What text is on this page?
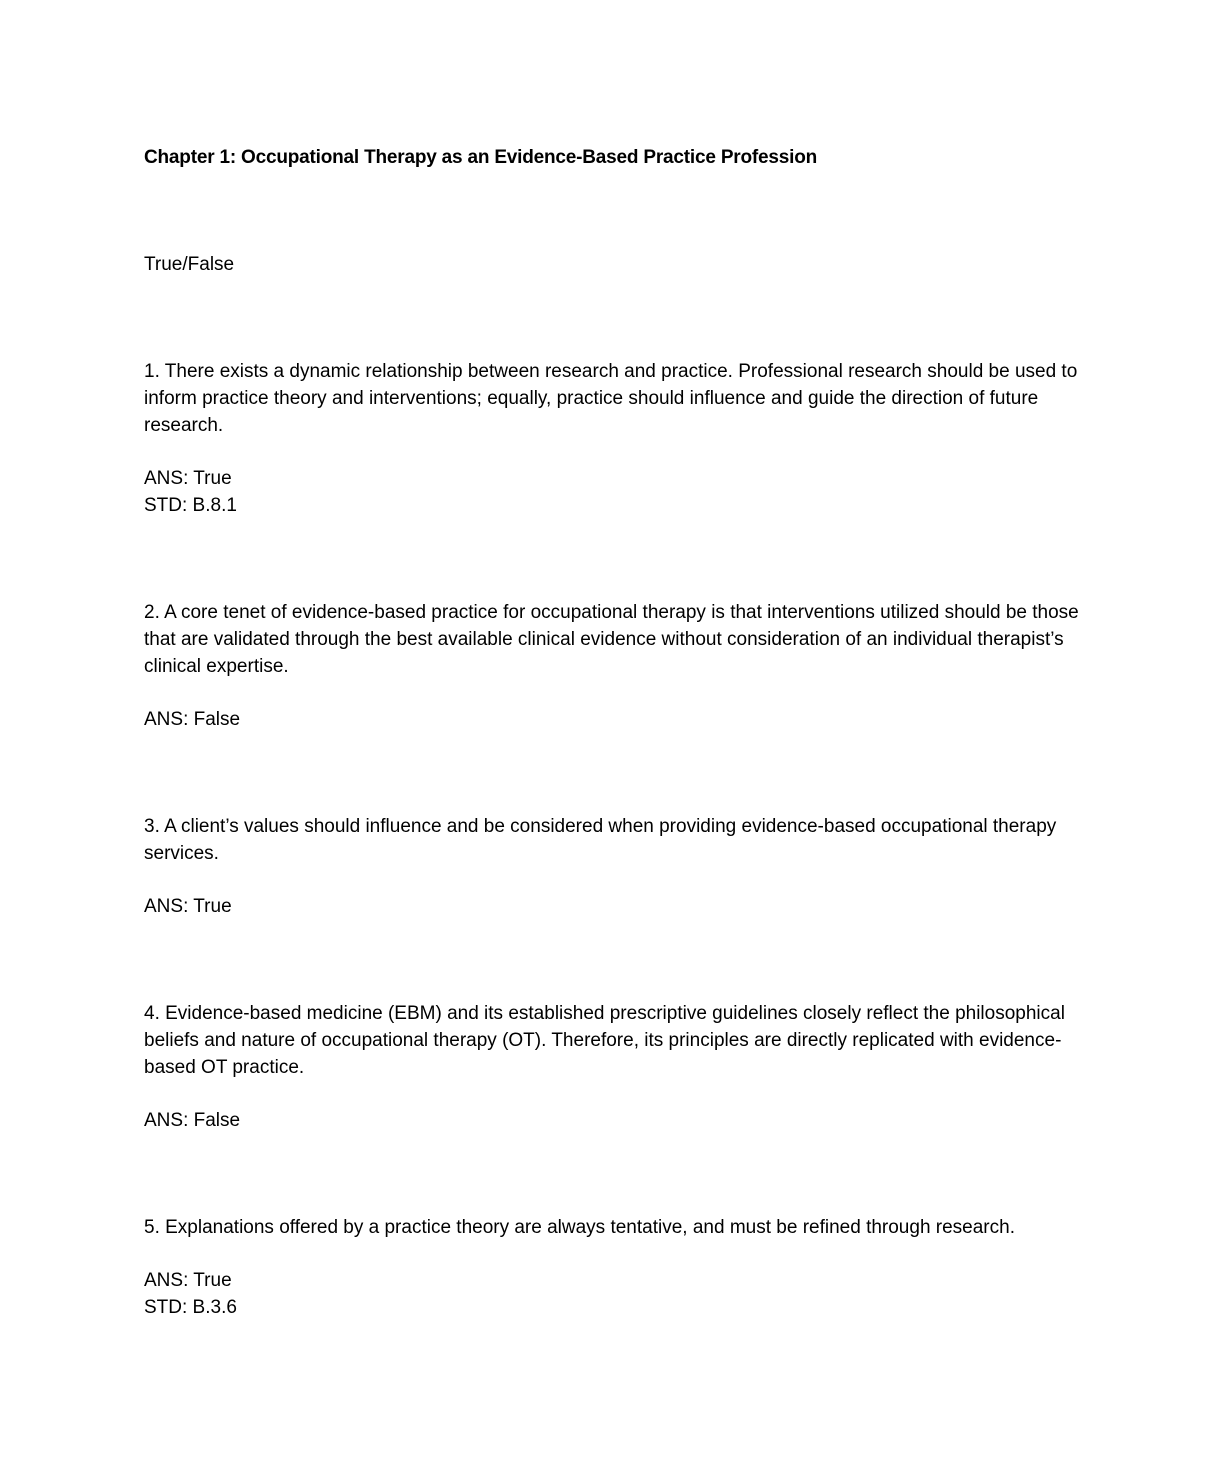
Chapter 1: Occupational Therapy as an Evidence-Based Practice Profession

True/False

1. There exists a dynamic relationship between research and practice. Professional research should be used to inform practice theory and interventions; equally, practice should influence and guide the direction of future research.

ANS: True

STD: B.8.1

2. A core tenet of evidence-based practice for occupational therapy is that interventions utilized should be those that are validated through the best available clinical evidence without consideration of an individual therapist’s clinical expertise.

ANS: False

3. A client’s values should influence and be considered when providing evidence-based occupational therapy services.

ANS: True

4. Evidence-based medicine (EBM) and its established prescriptive guidelines closely reflect the philosophical beliefs and nature of occupational therapy (OT). Therefore, its principles are directly replicated with evidence-based OT practice.

ANS: False

5. Explanations offered by a practice theory are always tentative, and must be refined through research.

ANS: True

STD: B.3.6
